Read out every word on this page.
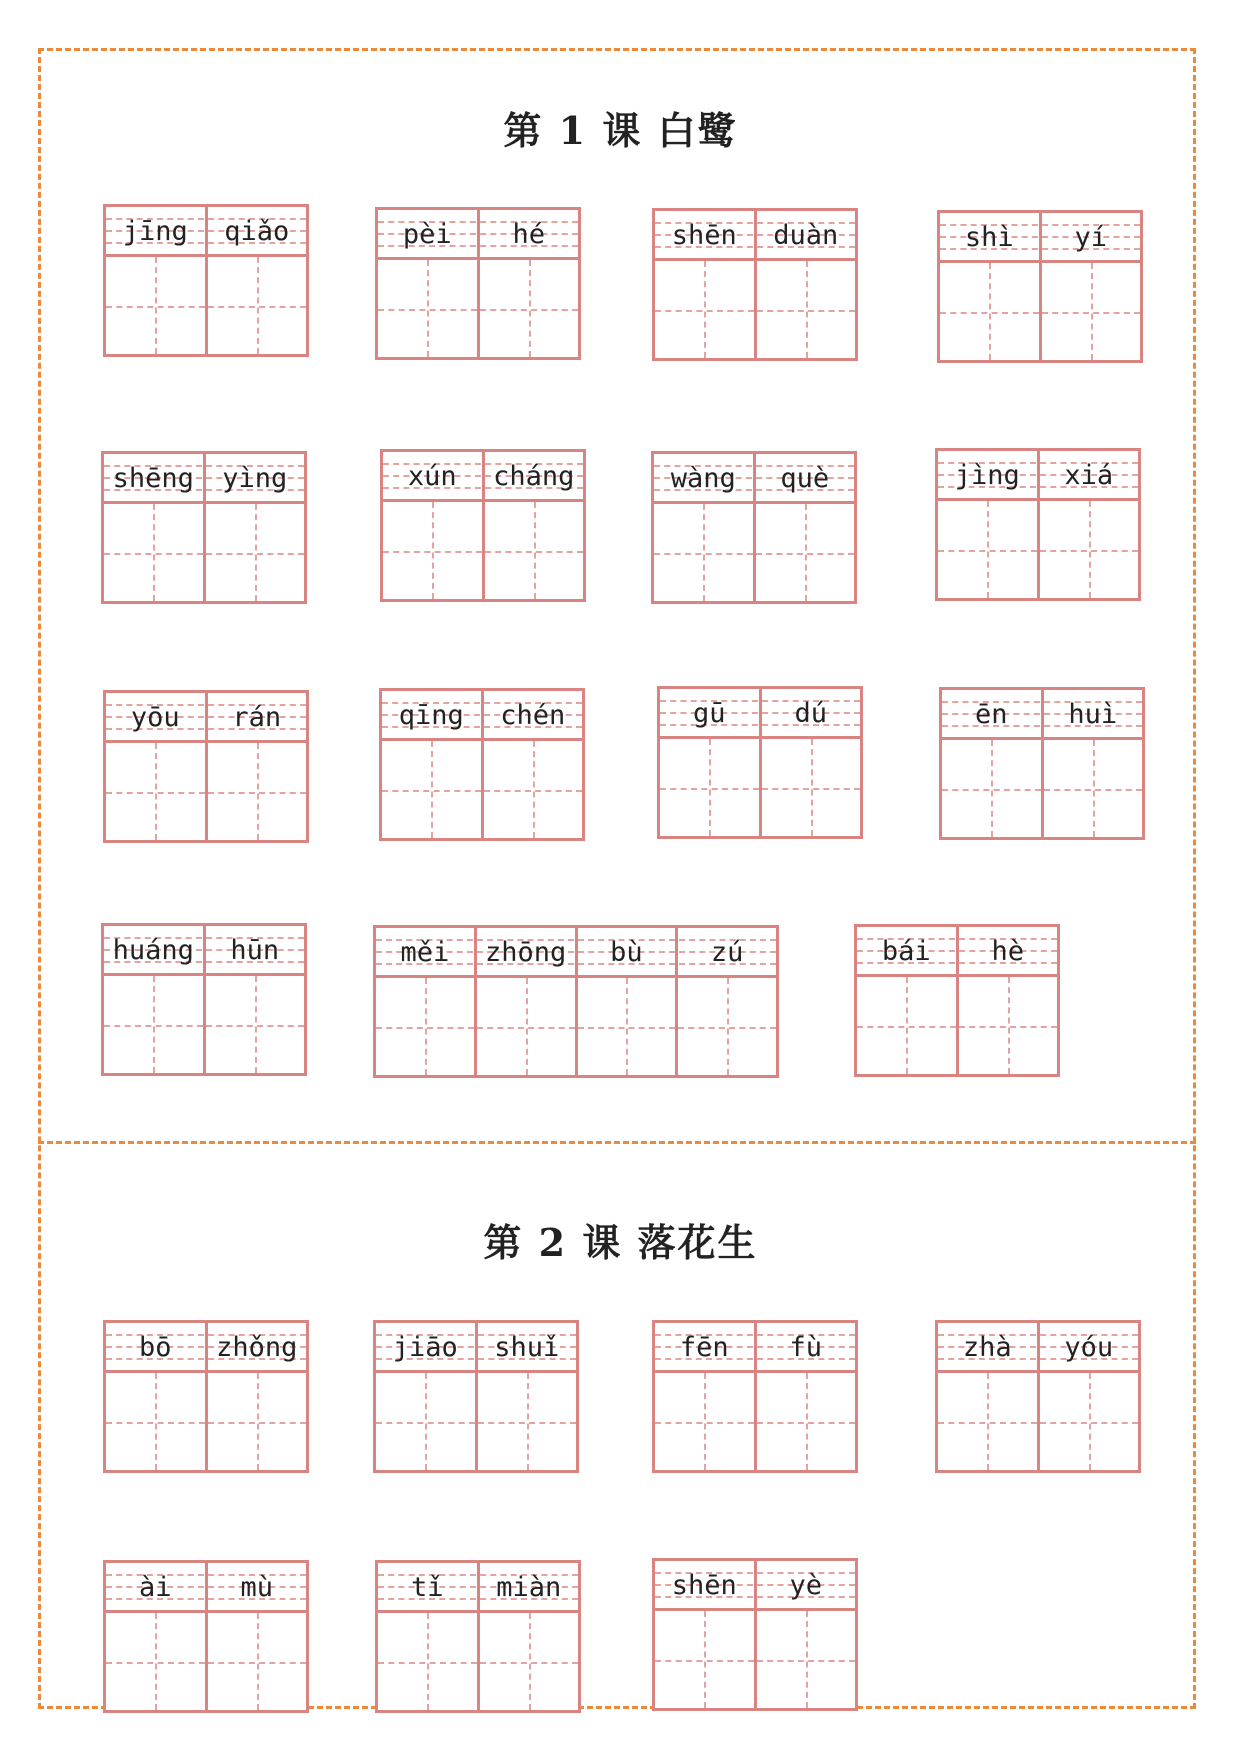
第 1 课 白鹭
第 2 课 落花生
jīng	qiǎo	pèi	hé	shēn	duàn	shì	yí
shēng	yìng	xún	cháng	wàng	què	jìng	xiá
yōu	rán	qīng	chén	gū	dú	ēn	huì
huáng	hūn	měi	zhōng	bù	zú	bái	hè
bō	zhǒng	jiāo	shuǐ	fēn	fù	zhà	yóu
ài	mù	tǐ	miàn	shēn	yè
